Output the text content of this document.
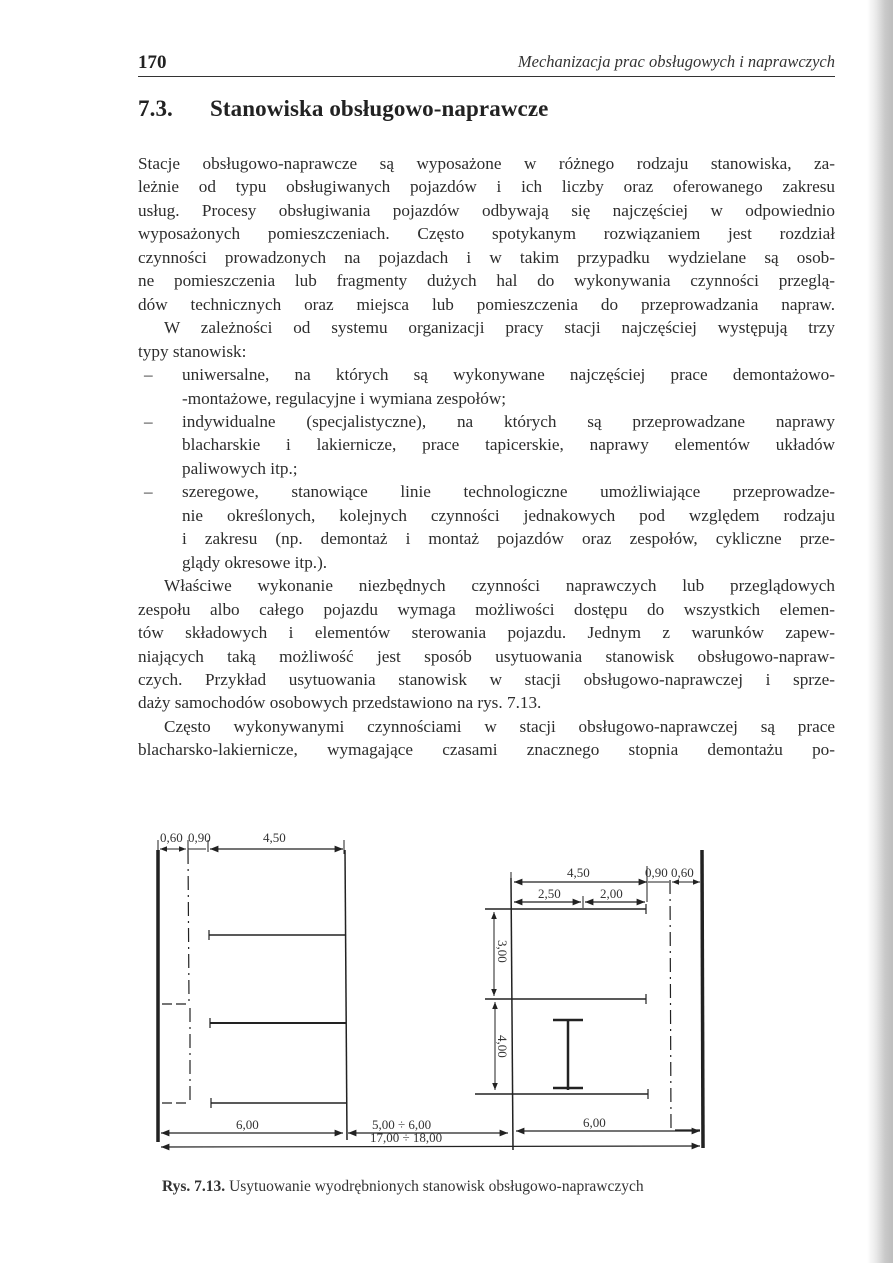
170	Mechanizacja prac obsługowych i naprawczych
7.3. Stanowiska obsługowo-naprawcze

Stacje obsługowo-naprawcze są wyposażone w różnego rodzaju stanowiska, za-
leżnie od typu obsługiwanych pojazdów i ich liczby oraz oferowanego zakresu
usług. Procesy obsługiwania pojazdów odbywają się najczęściej w odpowiednio
wyposażonych pomieszczeniach. Często spotykanym rozwiązaniem jest rozdział
czynności prowadzonych na pojazdach i w takim przypadku wydzielane są osob-
ne pomieszczenia lub fragmenty dużych hal do wykonywania czynności przeglą-
dów technicznych oraz miejsca lub pomieszczenia do przeprowadzania napraw.

W zależności od systemu organizacji pracy stacji najczęściej występują trzy
typy stanowisk:

– uniwersalne, na których są wykonywane najczęściej prace demontażowo-
-montażowe, regulacyjne i wymiana zespołów;
– indywidualne (specjalistyczne), na których są przeprowadzane naprawy
blacharskie i lakiernicze, prace tapicerskie, naprawy elementów układów
paliwowych itp.;
– szeregowe, stanowiące linie technologiczne umożliwiające przeprowadze-
nie określonych, kolejnych czynności jednakowych pod względem rodzaju
i zakresu (np. demontaż i montaż pojazdów oraz zespołów, cykliczne prze-
glądy okresowe itp.).

Właściwe wykonanie niezbędnych czynności naprawczych lub przeglądowych
zespołu albo całego pojazdu wymaga możliwości dostępu do wszystkich elemen-
tów składowych i elementów sterowania pojazdu. Jednym z warunków zapew-
niających taką możliwość jest sposób usytuowania stanowisk obsługowo-napraw-
czych. Przykład usytuowania stanowisk w stacji obsługowo-naprawczej i sprze-
daży samochodów osobowych przedstawiono na rys. 7.13.

Często wykonywanymi czynnościami w stacji obsługowo-naprawczej są prace
blacharsko-lakiernicze, wymagające czasami znacznego stopnia demontażu po-

0,60 0,90	4,50
4,50	0,90 0,60
2,50	2,00
3,00
4,00
6,00	5,00 ÷ 6,00	6,00
17,00 ÷ 18,00
Rys. 7.13. Usytuowanie wyodrębnionych stanowisk obsługowo-naprawczych
